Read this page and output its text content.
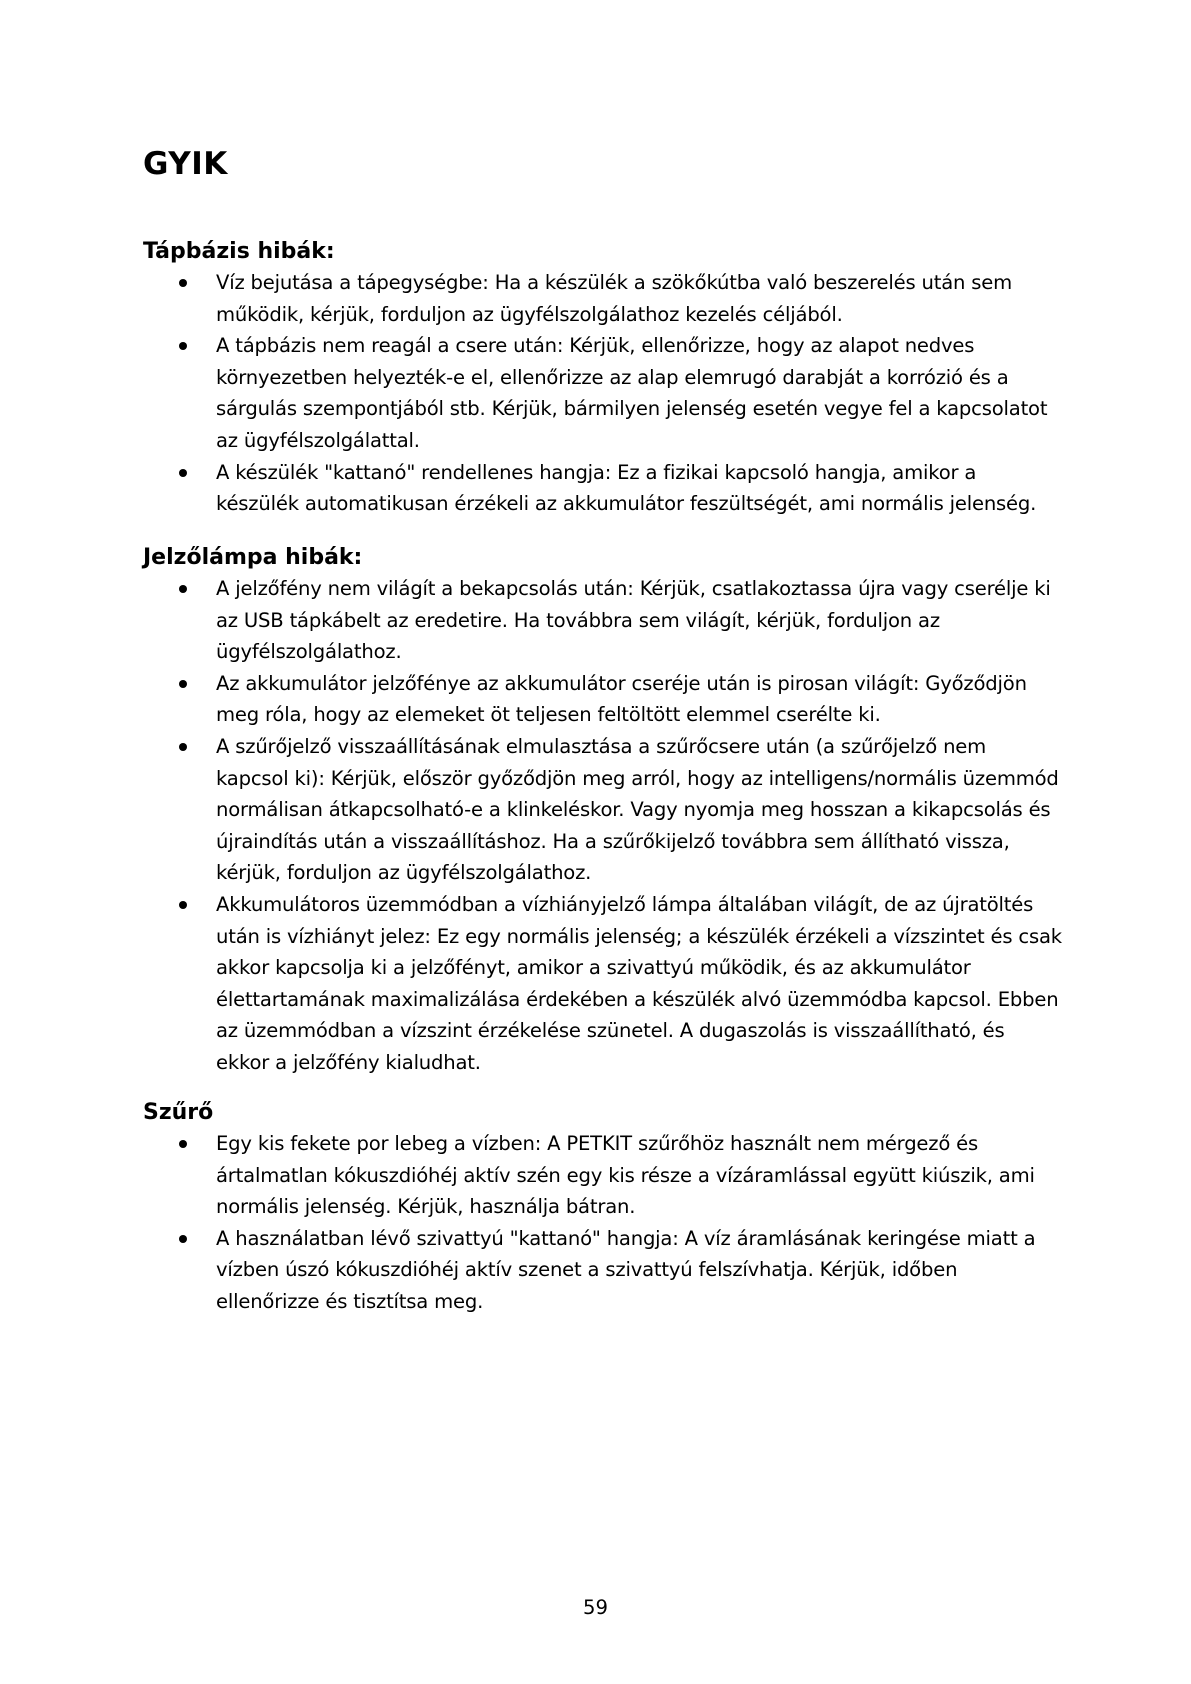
GYIK
Tápbázis hibák:
Víz bejutása a tápegységbe: Ha a készülék a szökőkútba való beszerelés után sem működik, kérjük, forduljon az ügyfélszolgálathoz kezelés céljából.
A tápbázis nem reagál a csere után: Kérjük, ellenőrizze, hogy az alapot nedves környezetben helyezték-e el, ellenőrizze az alap elemrugó darabját a korrózió és a sárgulás szempontjából stb. Kérjük, bármilyen jelenség esetén vegye fel a kapcsolatot az ügyfélszolgálattal.
A készülék "kattanó" rendellenes hangja: Ez a fizikai kapcsoló hangja, amikor a készülék automatikusan érzékeli az akkumulátor feszültségét, ami normális jelenség.
Jelzőlámpa hibák:
A jelzőfény nem világít a bekapcsolás után: Kérjük, csatlakoztassa újra vagy cserélje ki az USB tápkábelt az eredetire. Ha továbbra sem világít, kérjük, forduljon az ügyfélszolgálathoz.
Az akkumulátor jelzőfénye az akkumulátor cseréje után is pirosan világít: Győződjön meg róla, hogy az elemeket öt teljesen feltöltött elemmel cserélte ki.
A szűrőjelző visszaállításának elmulasztása a szűrőcsere után (a szűrőjelző nem kapcsol ki): Kérjük, először győződjön meg arról, hogy az intelligens/normális üzemmód normálisan átkapcsolható-e a klinkeléskor. Vagy nyomja meg hosszan a kikapcsolás és újraindítás után a visszaállításhoz. Ha a szűrőkijelző továbbra sem állítható vissza, kérjük, forduljon az ügyfélszolgálathoz.
Akkumulátoros üzemmódban a vízhiányjelző lámpa általában világít, de az újratöltés után is vízhiányt jelez: Ez egy normális jelenség; a készülék érzékeli a vízszintet és csak akkor kapcsolja ki a jelzőfényt, amikor a szivattyú működik, és az akkumulátor élettartamának maximalizálása érdekében a készülék alvó üzemmódba kapcsol. Ebben az üzemmódban a vízszint érzékelése szünetel. A dugaszolás is visszaállítható, és ekkor a jelzőfény kialudhat.
Szűrő
Egy kis fekete por lebeg a vízben: A PETKIT szűrőhöz használt nem mérgező és ártalmatlan kókuszdióhéj aktív szén egy kis része a vízáramlással együtt kiúszik, ami normális jelenség. Kérjük, használja bátran.
A használatban lévő szivattyú "kattanó" hangja: A víz áramlásának keringése miatt a vízben úszó kókuszdióhéj aktív szenet a szivattyú felszívhatja. Kérjük, időben ellenőrizze és tisztítsa meg.
59
